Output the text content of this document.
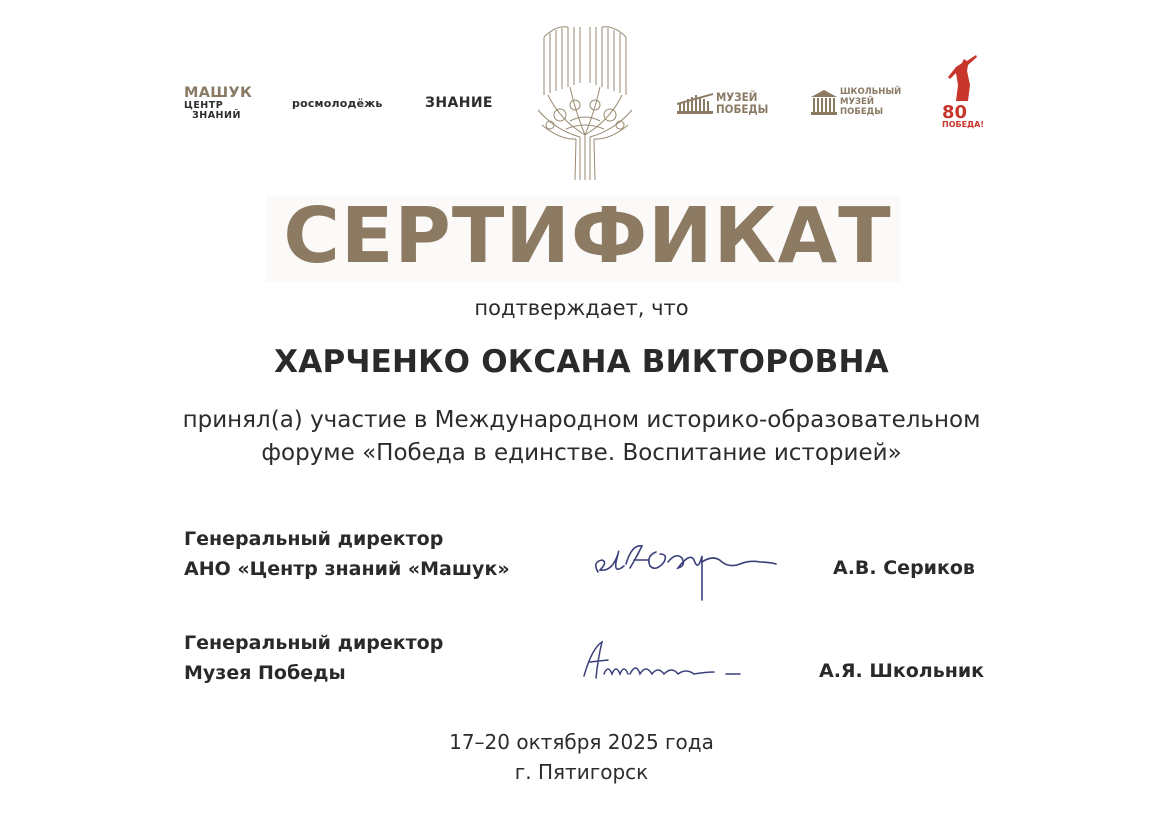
МАШУК
ЦЕНТР
ЗНАНИЙ
росмолодёжь	ЗНАНИЕ	МУЗЕЙ
ПОБЕДЫ
ШКОЛЬНЫЙ
МУЗЕЙ
ПОБЕДЫ	80
ПОБЕДА!
СЕРТИФИКАТ
подтверждает, что
ХАРЧЕНКО ОКСАНА ВИКТОРОВНА
принял(а) участие в Международном историко-образовательном
форуме «Победа в единстве. Воспитание историей»
Генеральный директор
АНО «Центр знаний «Машук»	А.В. Сериков
Генеральный директор
Музея Победы	А.Я. Школьник
17–20 октября 2025 года
г. Пятигорск
